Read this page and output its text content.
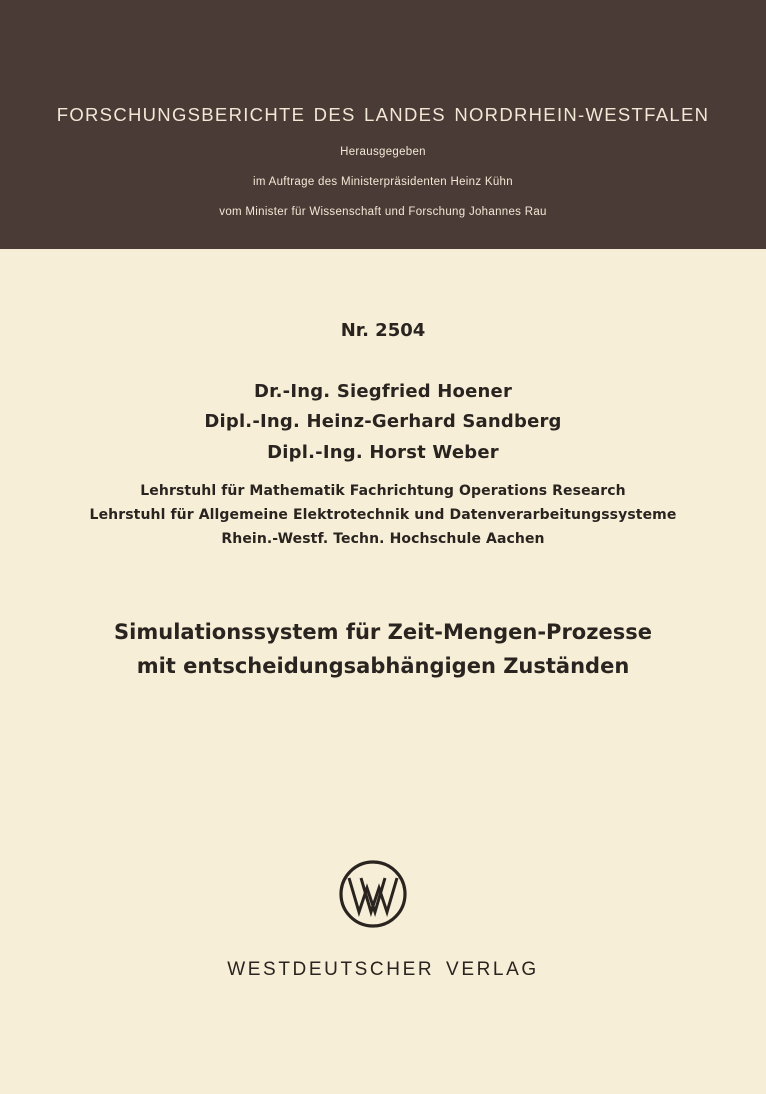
FORSCHUNGSBERICHTE DES LANDES NORDRHEIN-WESTFALEN
Herausgegeben
im Auftrage des Ministerpräsidenten Heinz Kühn
vom Minister für Wissenschaft und Forschung Johannes Rau
Nr. 2504
Dr.-Ing. Siegfried Hoener
Dipl.-Ing. Heinz-Gerhard Sandberg
Dipl.-Ing. Horst Weber
Lehrstuhl für Mathematik Fachrichtung Operations Research
Lehrstuhl für Allgemeine Elektrotechnik und Datenverarbeitungssysteme
Rhein.-Westf. Techn. Hochschule Aachen
Simulationssystem für Zeit-Mengen-Prozesse
mit entscheidungsabhängigen Zuständen
WESTDEUTSCHER VERLAG
